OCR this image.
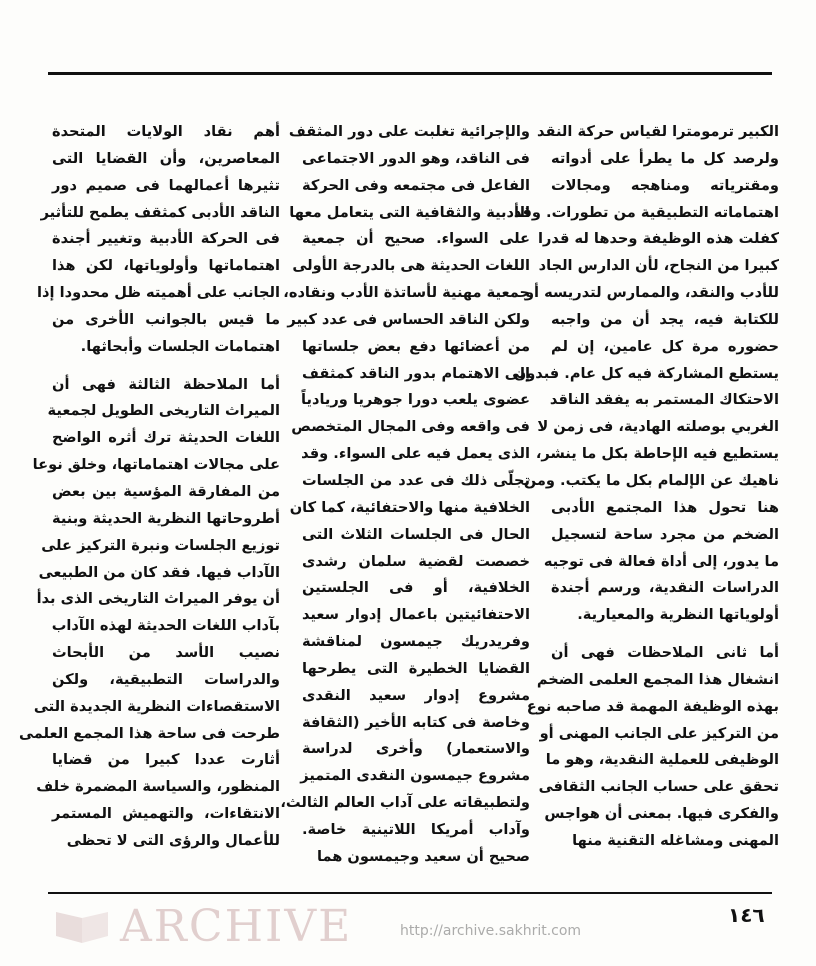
ARCHIVE	http://archive.sakhrit.com
الكبير ترمومترا لقياس حركة النقد
ولرصد كل ما يطرأ على أدواته
ومقترياته ومناهجه ومجالات
اهتماماته التطبيقية من تطورات. وقد
كفلت هذه الوظيفة وحدها له قدرا
كبيرا من النجاح، لأن الدارس الجاد
للأدب والنقد، والممارس لتدريسه أو
للكتابة فيه، يجد أن من واجبه
حضوره مرة كل عامين، إن لم
يستطع المشاركة فيه كل عام. فبدون
الاحتكاك المستمر به يفقد الناقد
الغربي بوصلته الهادية، فى زمن لا
يستطيع فيه الإحاطة بكل ما ينشر،
ناهيك عن الإلمام بكل ما يكتب. ومن
هنا تحول هذا المجتمع الأدبى
الضخم من مجرد ساحة لتسجيل
ما يدور، إلى أداة فعالة فى توجيه
الدراسات النقدية، ورسم أجندة
أولوياتها النظرية والمعيارية.
أما ثانى الملاحظات فهى أن
انشغال هذا المجمع العلمى الضخم
بهذه الوظيفة المهمة قد صاحبه نوع
من التركيز على الجانب المهنى أو
الوظيفى للعملية النقدية، وهو ما
تحقق على حساب الجانب الثقافى
والفكرى فيها. بمعنى أن هواجس
المهنى ومشاغله التقنية منها
والإجرائية تغلبت على دور المثقف
فى الناقد، وهو الدور الاجتماعى
الفاعل فى مجتمعه وفى الحركة
الأدبية والثقافية التى يتعامل معها
على السواء. صحيح أن جمعية
اللغات الحديثة هى بالدرجة الأولى
جمعية مهنية لأساتذة الأدب ونقاده،
ولكن الناقد الحساس فى عدد كبير
من أعضائها دفع بعض جلساتها
إلى الاهتمام بدور الناقد كمثقف
عضوى يلعب دورا جوهريا وريادياً
فى واقعه وفى المجال المتخصص
الذى يعمل فيه على السواء. وقد
تجلّى ذلك فى عدد من الجلسات
الخلافية منها والاحتفائية، كما كان
الحال فى الجلسات الثلاث التى
خصصت لقضية سلمان رشدى
الخلافية، أو فى الجلستين
الاحتفائيتين باعمال إدوار سعيد
وفريدريك جيمسون لمناقشة
القضايا الخطيرة التى يطرحها
مشروع إدوار سعيد النقدى
وخاصة فى كتابه الأخير (الثقافة
والاستعمار) وأخرى لدراسة
مشروع جيمسون النقدى المتميز
ولتطبيقاته على آداب العالم الثالث،
وآداب أمريكا اللاتينية خاصة.
صحيح أن سعيد وجيمسون هما
أهم نقاد الولايات المتحدة
المعاصرين، وأن القضايا التى
تثيرها أعمالهما فى صميم دور
الناقد الأدبى كمثقف يطمح للتأثير
فى الحركة الأدبية وتغيير أجندة
اهتماماتها وأولوياتها، لكن هذا
الجانب على أهميته ظل محدودا إذا
ما قيس بالجوانب الأخرى من
اهتمامات الجلسات وأبحاثها.
أما الملاحظة الثالثة فهى أن
الميراث التاريخى الطويل لجمعية
اللغات الحديثة ترك أثره الواضح
على مجالات اهتماماتها، وخلق نوعا
من المفارقة المؤسية بين بعض
أطروحاتها النظرية الحديثة وبنية
توزيع الجلسات ونبرة التركيز على
الآداب فيها. فقد كان من الطبيعى
أن يوفر الميراث التاريخى الذى بدأ
بآداب اللغات الحديثة لهذه الآداب
نصيب الأسد من الأبحاث
والدراسات التطبيقية، ولكن
الاستقصاءات النظرية الجديدة التى
طرحت فى ساحة هذا المجمع العلمى
أثارت عددا كبيرا من قضايا
المنظور، والسياسة المضمرة خلف
الانتقاءات، والتهميش المستمر
للأعمال والرؤى التى لا تحظى
١٤٦
